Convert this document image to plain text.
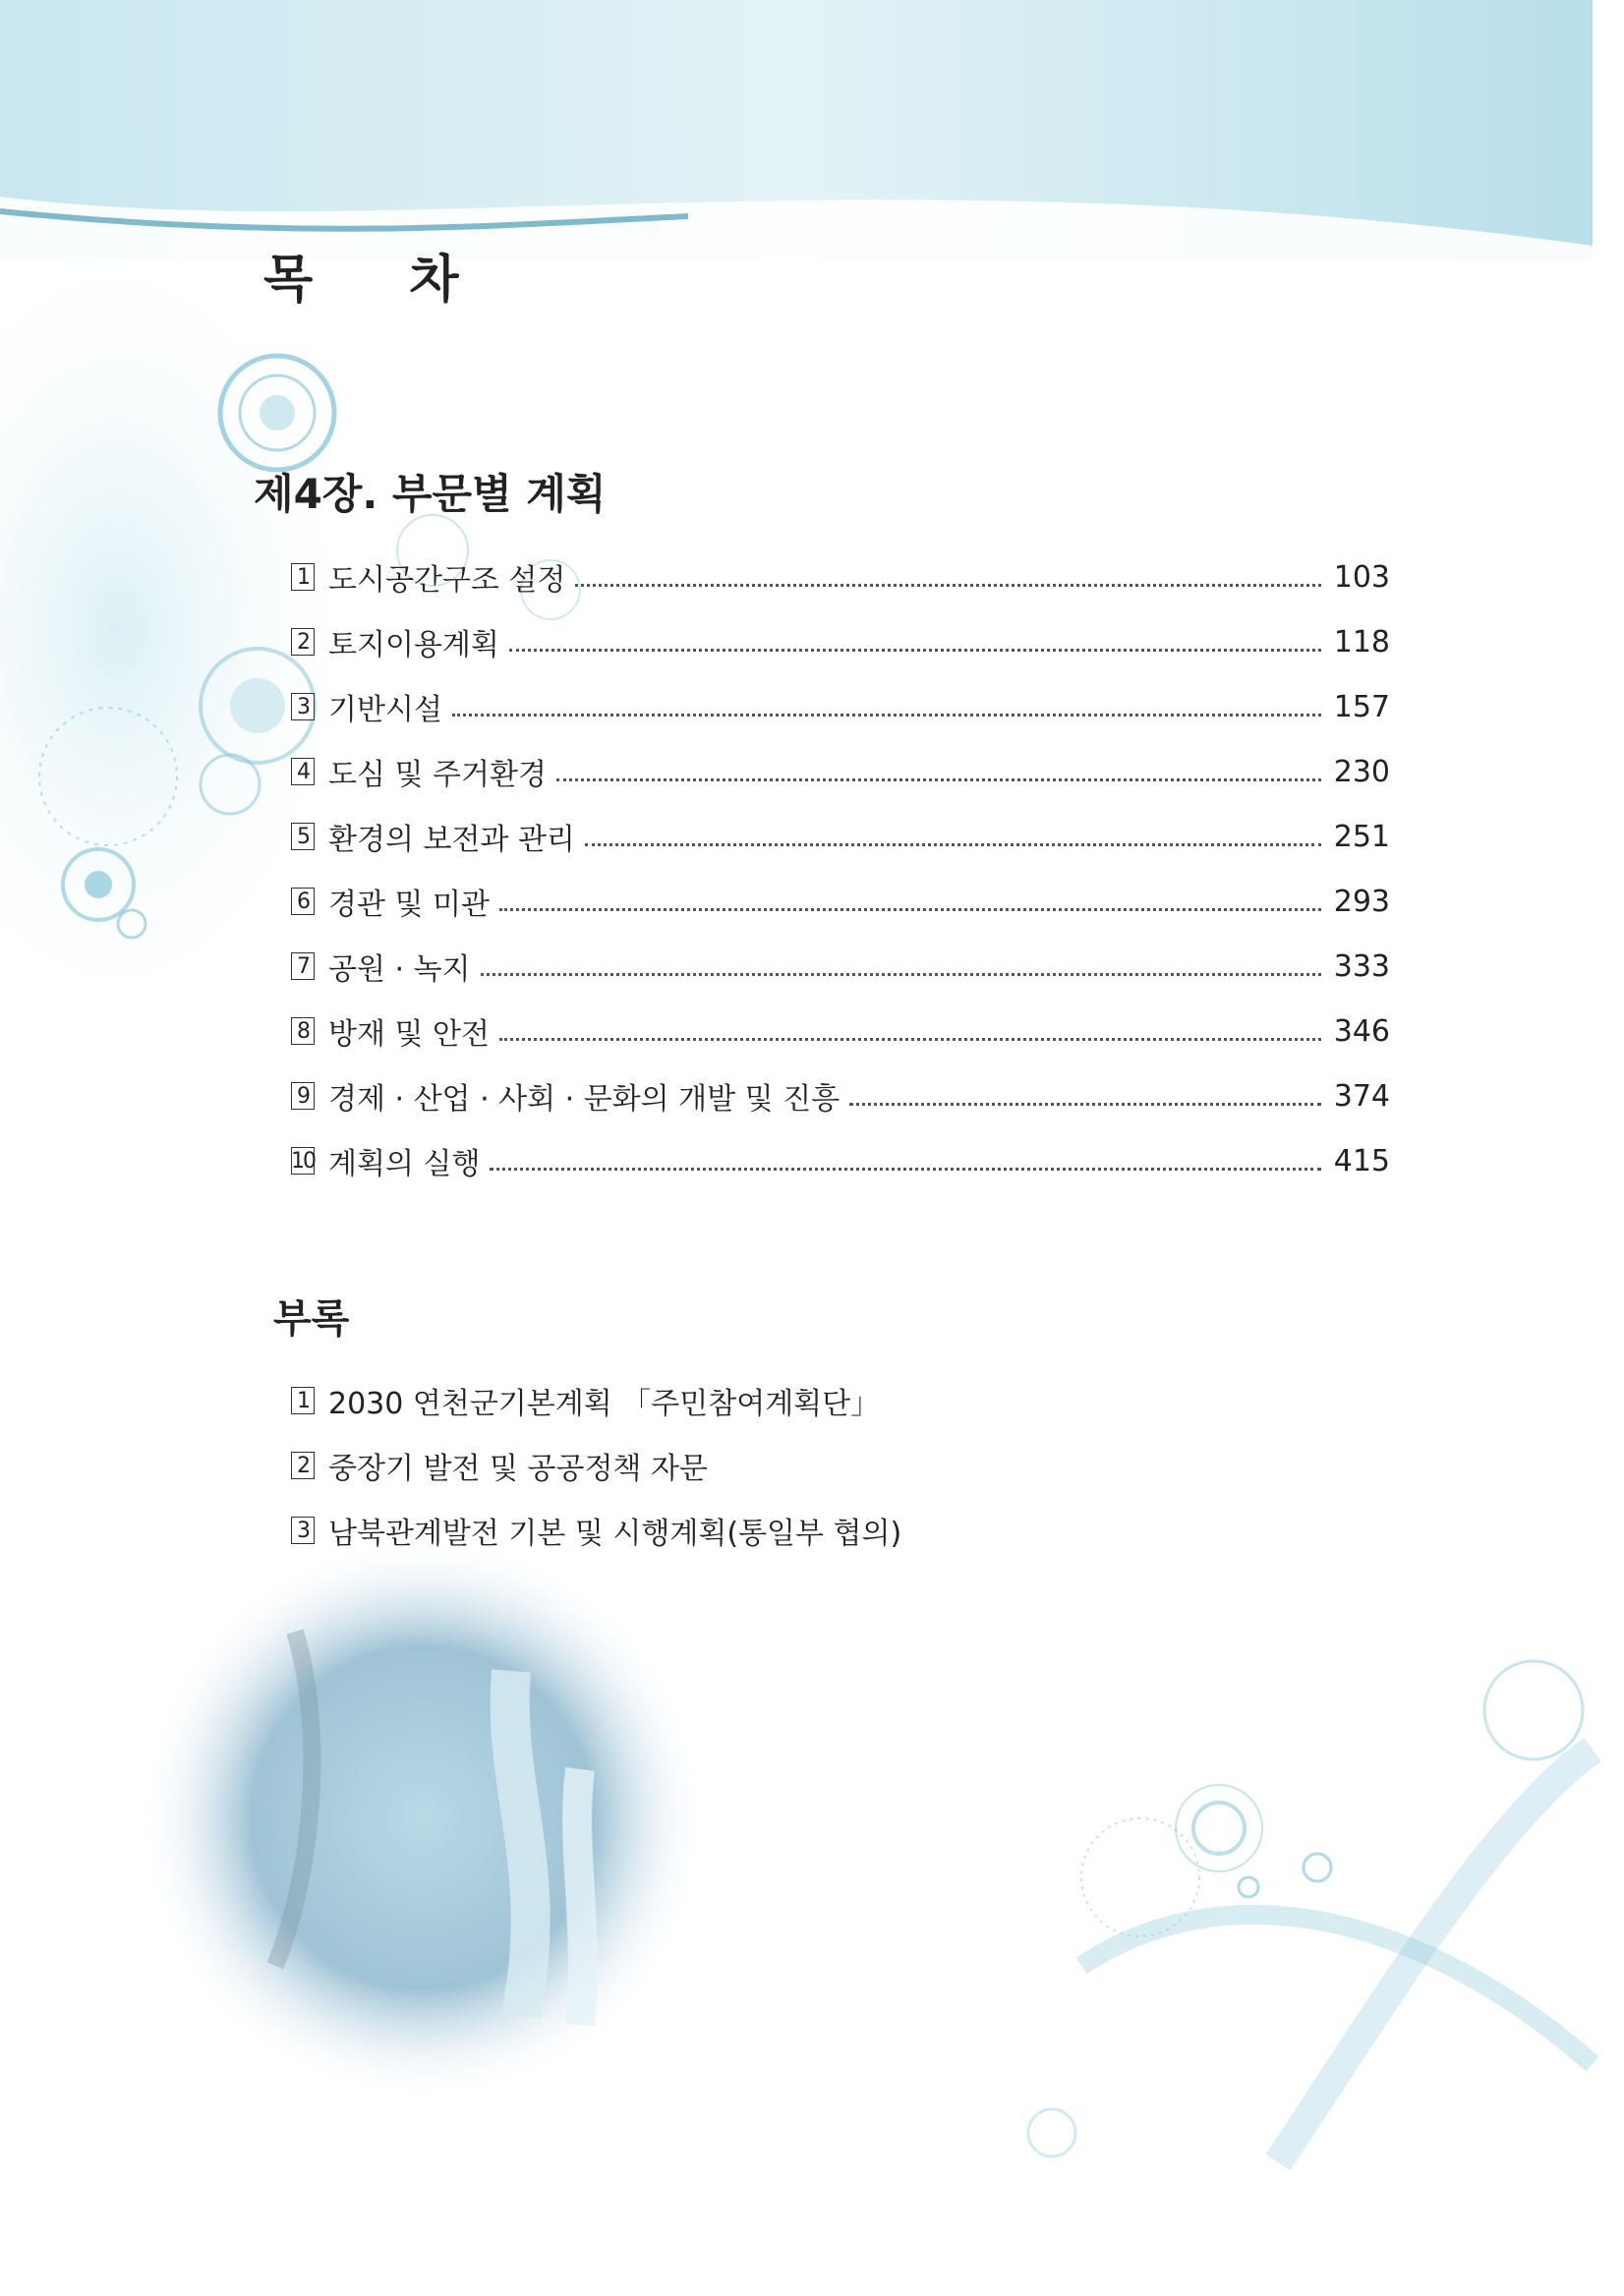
목 차
제4장. 부문별 계획
1 도시공간구조 설정	103
2 토지이용계획	118
3 기반시설	157
4 도심 및 주거환경	230
5 환경의 보전과 관리	251
6 경관 및 미관	293
7 공원 · 녹지	333
8 방재 및 안전	346
9 경제 · 산업 · 사회 · 문화의 개발 및 진흥	374
10 계획의 실행	415
부록
1 2030 연천군기본계획 「주민참여계획단」
2 중장기 발전 및 공공정책 자문
3 남북관계발전 기본 및 시행계획(통일부 협의)
